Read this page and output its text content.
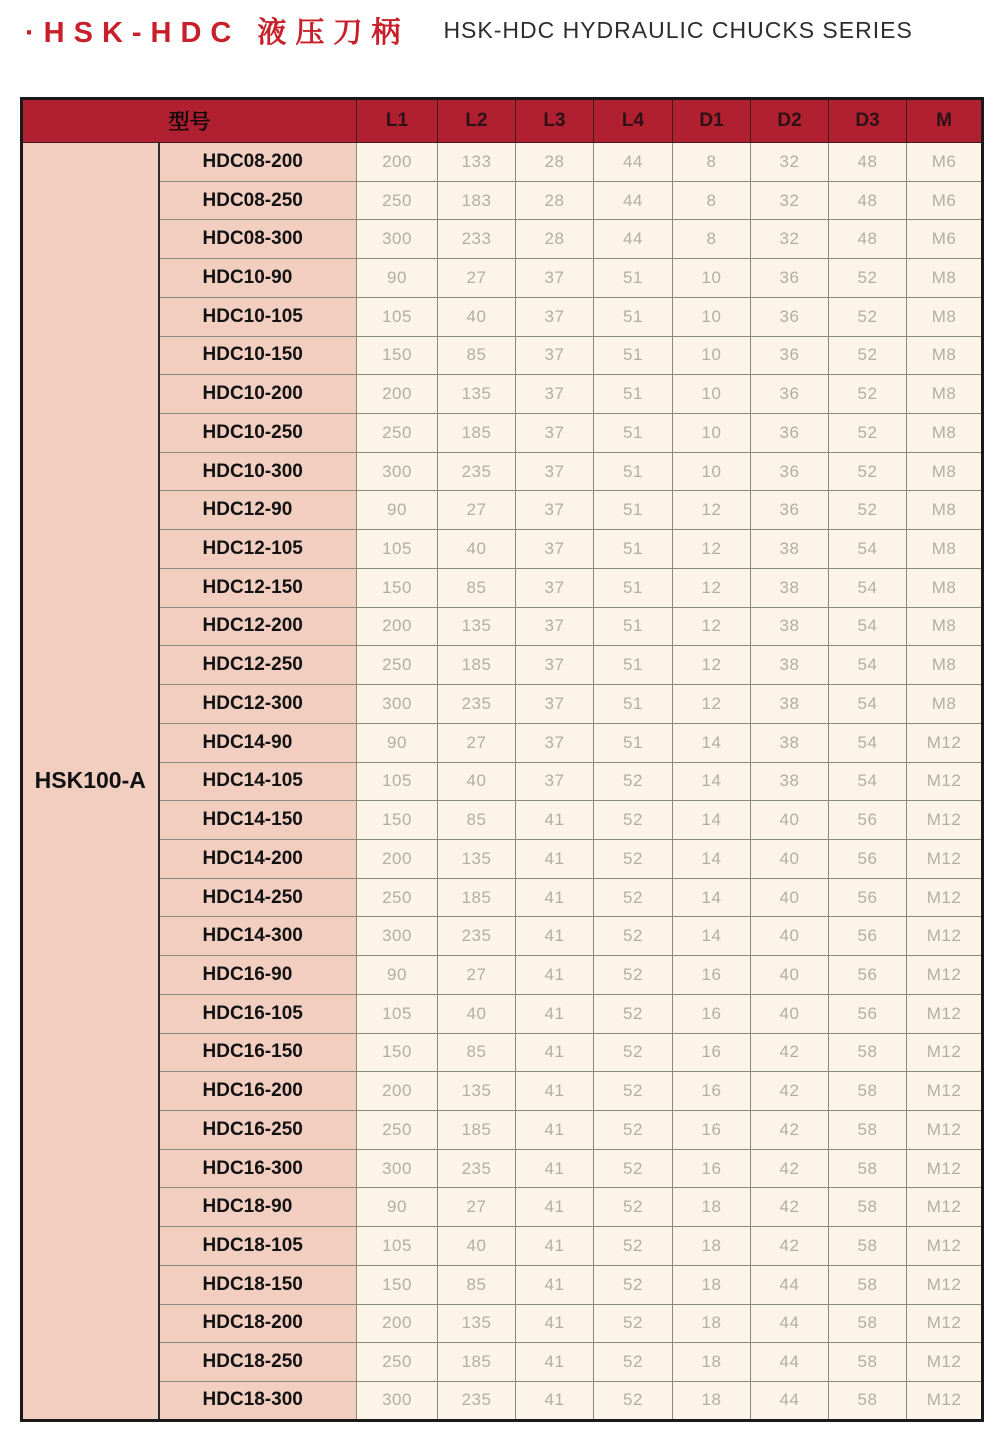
·HSK-HDC 液压刀柄 HSK-HDC HYDRAULIC CHUCKS SERIES
型号		L1	L2	L3	L4	D1	D2	D3	M
HSK100-A	HDC08-200	200	133	28	44	8	32	48	M6
	HDC08-250	250	183	28	44	8	32	48	M6
	HDC08-300	300	233	28	44	8	32	48	M6
	HDC10-90	90	27	37	51	10	36	52	M8
	HDC10-105	105	40	37	51	10	36	52	M8
	HDC10-150	150	85	37	51	10	36	52	M8
	HDC10-200	200	135	37	51	10	36	52	M8
	HDC10-250	250	185	37	51	10	36	52	M8
	HDC10-300	300	235	37	51	10	36	52	M8
	HDC12-90	90	27	37	51	12	36	52	M8
	HDC12-105	105	40	37	51	12	38	54	M8
	HDC12-150	150	85	37	51	12	38	54	M8
	HDC12-200	200	135	37	51	12	38	54	M8
	HDC12-250	250	185	37	51	12	38	54	M8
	HDC12-300	300	235	37	51	12	38	54	M8
	HDC14-90	90	27	37	51	14	38	54	M12
	HDC14-105	105	40	37	52	14	38	54	M12
	HDC14-150	150	85	41	52	14	40	56	M12
	HDC14-200	200	135	41	52	14	40	56	M12
	HDC14-250	250	185	41	52	14	40	56	M12
	HDC14-300	300	235	41	52	14	40	56	M12
	HDC16-90	90	27	41	52	16	40	56	M12
	HDC16-105	105	40	41	52	16	40	56	M12
	HDC16-150	150	85	41	52	16	42	58	M12
	HDC16-200	200	135	41	52	16	42	58	M12
	HDC16-250	250	185	41	52	16	42	58	M12
	HDC16-300	300	235	41	52	16	42	58	M12
	HDC18-90	90	27	41	52	18	42	58	M12
	HDC18-105	105	40	41	52	18	42	58	M12
	HDC18-150	150	85	41	52	18	44	58	M12
	HDC18-200	200	135	41	52	18	44	58	M12
	HDC18-250	250	185	41	52	18	44	58	M12
	HDC18-300	300	235	41	52	18	44	58	M12
